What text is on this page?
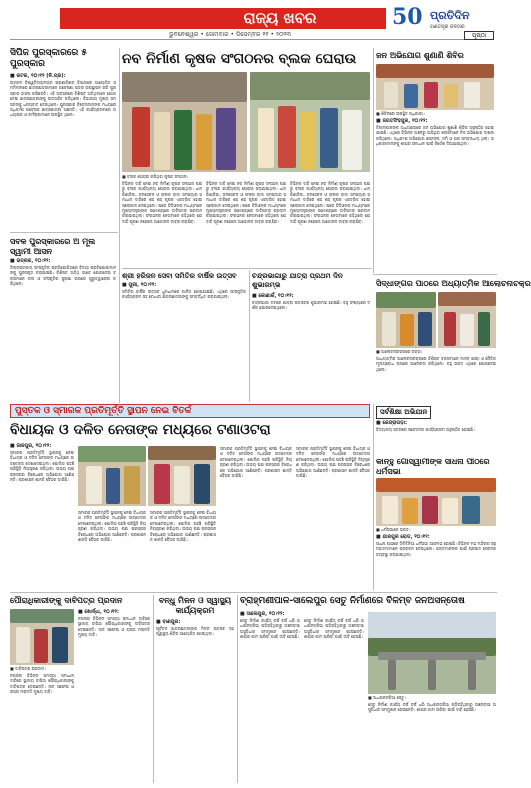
ରାଜ୍ୟ ଖବର
ଭୁବନେଶ୍ୱର • ସୋମବାର • ଡିସେମ୍ବର ୧୧ • ୨୦୨୩
50 ପ୍ରତିଦିନ
ଗଣତନ୍ତ୍ର ଜନତାର
ପୃଷ୍ଠା
ସିପିଜ ପୁରସ୍କାରରେ ୫ ପୁରସ୍କାର
■ କଟକ, ୧୦।୧୨ (ନି.ପ୍ର):
ଉତ୍କଳ ବିଶ୍ୱବିଦ୍ୟାଳୟର ପ୍ରାଣୀବିଜ୍ଞାନ ବିଭାଗରେ ଆୟୋଜିତ ସମ୍ମିଳନୀରେ ଛାତ୍ରଛାତ୍ରୀମାନେ ଗବେଷଣା ପତ୍ର ଉପସ୍ଥାପନ କରି ପୁରସ୍କାର ହାସଲ କରିଛନ୍ତି। ଏହି ଅବସରରେ ବିଶିଷ୍ଟ ଅତିଥିମାନେ ଯୋଗଦେଇ ଛାତ୍ରଛାତ୍ରୀଙ୍କୁ ଉତ୍ସାହିତ କରିଥିଲେ। ବିଭାଗୀୟ ମୁଖ୍ୟ ସମସ୍ତଙ୍କୁ ଧନ୍ୟବାଦ ଦେଇଥିଲେ। ପୁରସ୍କାର ବିଜେତାମାନଙ୍କ ମଧ୍ୟରେ ଅଧିକାଂଶ ଗବେଷକ ଛାତ୍ରଛାତ୍ରୀ ଅଛନ୍ତି। ଏହି କାର୍ଯ୍ୟକ୍ରମରେ ଅଧ୍ୟାପକ ଓ କର୍ମଚାରୀମାନେ ଉପସ୍ଥିତ ଥିଲେ।
ସବଳ ପୁରସ୍କାରରେ ଅ ମୂଲ ସ୍ୱାମୀ ଆସନ
■ ଭଦ୍ରକ, ୧୦।୧୨:
ଜିଲ୍ଲାସ୍ତରୀୟ ସାଂସ୍କୃତିକ ପ୍ରତିଯୋଗିତାରେ ବିଜୟୀ ପ୍ରତିଯୋଗୀମାନଙ୍କୁ ପୁରସ୍କୃତ କରାଯାଇଛି। ବିଶିଷ୍ଟ ଅତିଥି ଭାବେ ଯୋଗଦେଇ ବକ୍ତାମାନେ କଳା ଓ ସଂସ୍କୃତିର ସୁରକ୍ଷା ଉପରେ ଗୁରୁତ୍ୱାରୋପ କରିଥିଲେ।
ନବ ନିର୍ମାଣ କୃଷକ ସଂଗଠନର ବ୍ଲକ ଘେରାଉ
■ ବ୍ଲକ ଘେରାଉ କରିଥିବା କୃଷକ ସଂଗଠନ।
ବିଭିନ୍ନ ଦାବି ନେଇ ନବ ନିର୍ମାଣ କୃଷକ ସଂଗଠନ ପକ୍ଷରୁ ବ୍ଲକ କାର୍ଯ୍ୟାଳୟ ଘେରାଉ କରାଯାଇଥିଲା। ଧାନ କିଣାବିକା, ଜଳସେଚନ ଓ ଫସଲ ବୀମା ସମସ୍ୟାର ସମାଧାନ ଦାବିରେ ଶହ ଶହ କୃଷକ ଏକତ୍ରିତ ହୋଇ ସ୍ଲୋଗାନ ଦେଇଥିଲେ। ପରେ ବିଡିଓଙ୍କ ମାଧ୍ୟମରେ ମୁଖ୍ୟମନ୍ତ୍ରୀଙ୍କ ଉଦ୍ଦେଶ୍ୟରେ ଦାବିପତ୍ର ପ୍ରଦାନ କରାଯାଇଥିଲା। ସଂଗଠନର ନେତାମାନେ କହିଥିଲେ ଯେ ଦାବି ପୂରଣ ନହେଲେ ଆନ୍ଦୋଳନ ତୀବ୍ର କରାଯିବ।
ବିଭିନ୍ନ ଦାବି ନେଇ ନବ ନିର୍ମାଣ କୃଷକ ସଂଗଠନ ପକ୍ଷରୁ ବ୍ଲକ କାର୍ଯ୍ୟାଳୟ ଘେରାଉ କରାଯାଇଥିଲା। ଧାନ କିଣାବିକା, ଜଳସେଚନ ଓ ଫସଲ ବୀମା ସମସ୍ୟାର ସମାଧାନ ଦାବିରେ ଶହ ଶହ କୃଷକ ଏକତ୍ରିତ ହୋଇ ସ୍ଲୋଗାନ ଦେଇଥିଲେ। ପରେ ବିଡିଓଙ୍କ ମାଧ୍ୟମରେ ମୁଖ୍ୟମନ୍ତ୍ରୀଙ୍କ ଉଦ୍ଦେଶ୍ୟରେ ଦାବିପତ୍ର ପ୍ରଦାନ କରାଯାଇଥିଲା। ସଂଗଠନର ନେତାମାନେ କହିଥିଲେ ଯେ ଦାବି ପୂରଣ ନହେଲେ ଆନ୍ଦୋଳନ ତୀବ୍ର କରାଯିବ।
ବିଭିନ୍ନ ଦାବି ନେଇ ନବ ନିର୍ମାଣ କୃଷକ ସଂଗଠନ ପକ୍ଷରୁ ବ୍ଲକ କାର୍ଯ୍ୟାଳୟ ଘେରାଉ କରାଯାଇଥିଲା। ଧାନ କିଣାବିକା, ଜଳସେଚନ ଓ ଫସଲ ବୀମା ସମସ୍ୟାର ସମାଧାନ ଦାବିରେ ଶହ ଶହ କୃଷକ ଏକତ୍ରିତ ହୋଇ ସ୍ଲୋଗାନ ଦେଇଥିଲେ। ପରେ ବିଡିଓଙ୍କ ମାଧ୍ୟମରେ ମୁଖ୍ୟମନ୍ତ୍ରୀଙ୍କ ଉଦ୍ଦେଶ୍ୟରେ ଦାବିପତ୍ର ପ୍ରଦାନ କରାଯାଇଥିଲା। ସଂଗଠନର ନେତାମାନେ କହିଥିଲେ ଯେ ଦାବି ପୂରଣ ନହେଲେ ଆନ୍ଦୋଳନ ତୀବ୍ର କରାଯିବ।
ଜନ ଅଭିଯୋଗ ଶୁଣାଣି ଶିବିର
■ ଶିବିରରେ ଉପସ୍ଥିତ ଅଧିକାରୀ।
■ ଜଗତସିଂହପୁର, ୧୦।୧୨:
ଜିଲ୍ଲାପାଳଙ୍କ ଅଧ୍ୟକ୍ଷତାରେ ଜନ ଅଭିଯୋଗ ଶୁଣାଣି ଶିବିର ଅନୁଷ୍ଠିତ ହୋଇଯାଇଛି। ଏଥିରେ ବିଭିନ୍ନ ଅଞ୍ଚଳରୁ ଆସିଥିବା ଲୋକମାନେ ନିଜ ଅଭିଯୋଗ ଦାଖଲ କରିଥିଲେ। ଅଧିକାଂଶ ଅଭିଯୋଗ ପେନସନ, ଜମି ଓ ଘର ସମ୍ବନ୍ଧୀୟ ଥିଲା। ଅଧିକାରୀମାନଙ୍କୁ ଶୀଘ୍ର ସମାଧାନ ପାଇଁ ନିର୍ଦ୍ଦେଶ ଦିଆଯାଇଥିଲା।
ଶ୍ରୀ ହରିଜନ ସେବା ସମିତିର ବାର୍ଷିକ ଉତ୍ସବ
■ ପୁରୀ, ୧୦।୧୨:
ସମିତିର ବାର୍ଷିକ ଉତ୍ସବ ଧୁମଧାମରେ ପାଳିତ ହୋଇଯାଇଛି। ଏଥିରେ ସାଂସ୍କୃତିକ କାର୍ଯ୍ୟକ୍ରମ ସହ ମେଧାବୀ ଛାତ୍ରଛାତ୍ରୀଙ୍କୁ ସମ୍ବର୍ଦ୍ଧିତ କରାଯାଇଥିଲା।
ଚନ୍ଦ୍ରଭାଗାରୁ ଯାତ୍ରା ପ୍ରଥମ ଦିନ ଶୁଭାରମ୍ଭ
■ କୋଣାର୍କ, ୧୦।୧୨:
ଚନ୍ଦ୍ରଭାଗା ତଟରେ ଯାତ୍ରା ଉତ୍ସବର ଶୁଭାରମ୍ଭ ହୋଇଛି। ବହୁ ସଂଖ୍ୟାରେ ଦର୍ଶକ ଯୋଗଦେଇଥିଲେ।
ସିଦ୍ଧାଙ୍ଗର ପାଠରେ ଅଧ୍ୟାତ୍ମିକ ଆଲୋଚନାଚକ୍ର
■ ଆଲୋଚନାଚକ୍ରରେ ବକ୍ତା।
ଆଧ୍ୟାତ୍ମିକ ଆଲୋଚନାଚକ୍ରରେ ବିଶିଷ୍ଟ ବକ୍ତାମାନେ ମାନବ ସେବା ଓ ନୈତିକ ମୂଲ୍ୟବୋଧ ଉପରେ ଆଲୋଚନା କରିଥିଲେ। ବହୁ ଭକ୍ତ ଏଥିରେ ଯୋଗଦେଇଥିଲେ।
ପୁସ୍ତକ ଓ ସ୍ମାରକ ପ୍ରତିମୂର୍ତ୍ତି ସ୍ଥାପନ ନେଇ ବିତର୍କ
ବିଧାୟକ ଓ ଦଳିତ ନେତାଙ୍କ ମଧ୍ୟରେ ଟଣାଓଟରା
■ ଜାଜପୁର, ୧୦।୧୨:
ସ୍ମାରକ ପ୍ରତିମୂର୍ତ୍ତି ସ୍ଥାପନକୁ ନେଇ ବିଧାୟକ ଓ ଦଳିତ ନେତାଙ୍କ ମଧ୍ୟରେ ଉତ୍ତେଜନା ଦେଖାଦେଇଥିଲା। ପୋଲିସ ପହଞ୍ଚି ପରିସ୍ଥିତି ନିୟନ୍ତ୍ରଣ କରିଥିଲା। ଉଭୟ ପକ୍ଷ ପରସ୍ପର ବିରୋଧରେ ଅଭିଯୋଗ ଆଣିଛନ୍ତି। ପ୍ରଶାସନ ଶାନ୍ତି ବୈଠକ ଡାକିଛି।
ସ୍ମାରକ ପ୍ରତିମୂର୍ତ୍ତି ସ୍ଥାପନକୁ ନେଇ ବିଧାୟକ ଓ ଦଳିତ ନେତାଙ୍କ ମଧ୍ୟରେ ଉତ୍ତେଜନା ଦେଖାଦେଇଥିଲା। ପୋଲିସ ପହଞ୍ଚି ପରିସ୍ଥିତି ନିୟନ୍ତ୍ରଣ କରିଥିଲା। ଉଭୟ ପକ୍ଷ ପରସ୍ପର ବିରୋଧରେ ଅଭିଯୋଗ ଆଣିଛନ୍ତି। ପ୍ରଶାସନ ଶାନ୍ତି ବୈଠକ ଡାକିଛି।
ସ୍ମାରକ ପ୍ରତିମୂର୍ତ୍ତି ସ୍ଥାପନକୁ ନେଇ ବିଧାୟକ ଓ ଦଳିତ ନେତାଙ୍କ ମଧ୍ୟରେ ଉତ୍ତେଜନା ଦେଖାଦେଇଥିଲା। ପୋଲିସ ପହଞ୍ଚି ପରିସ୍ଥିତି ନିୟନ୍ତ୍ରଣ କରିଥିଲା। ଉଭୟ ପକ୍ଷ ପରସ୍ପର ବିରୋଧରେ ଅଭିଯୋଗ ଆଣିଛନ୍ତି। ପ୍ରଶାସନ ଶାନ୍ତି ବୈଠକ ଡାକିଛି।
ସ୍ମାରକ ପ୍ରତିମୂର୍ତ୍ତି ସ୍ଥାପନକୁ ନେଇ ବିଧାୟକ ଓ ଦଳିତ ନେତାଙ୍କ ମଧ୍ୟରେ ଉତ୍ତେଜନା ଦେଖାଦେଇଥିଲା। ପୋଲିସ ପହଞ୍ଚି ପରିସ୍ଥିତି ନିୟନ୍ତ୍ରଣ କରିଥିଲା। ଉଭୟ ପକ୍ଷ ପରସ୍ପର ବିରୋଧରେ ଅଭିଯୋଗ ଆଣିଛନ୍ତି। ପ୍ରଶାସନ ଶାନ୍ତି ବୈଠକ ଡାକିଛି।
ସ୍ମାରକ ପ୍ରତିମୂର୍ତ୍ତି ସ୍ଥାପନକୁ ନେଇ ବିଧାୟକ ଓ ଦଳିତ ନେତାଙ୍କ ମଧ୍ୟରେ ଉତ୍ତେଜନା ଦେଖାଦେଇଥିଲା। ପୋଲିସ ପହଞ୍ଚି ପରିସ୍ଥିତି ନିୟନ୍ତ୍ରଣ କରିଥିଲା। ଉଭୟ ପକ୍ଷ ପରସ୍ପର ବିରୋଧରେ ଅଭିଯୋଗ ଆଣିଛନ୍ତି। ପ୍ରଶାସନ ଶାନ୍ତି ବୈଠକ ଡାକିଛି।
ସର୍ବଶିକ୍ଷା ଅଭିଯାନ
■ କେନ୍ଦ୍ରାପଡ଼ା:
ବିଦ୍ୟାଳୟ ସ୍ତରରେ ସଚେତନତା କାର୍ଯ୍ୟକ୍ରମ ଅନୁଷ୍ଠିତ ହୋଇଛି।
କାନ୍ହୁ ଗୋସ୍ୱାମୀଙ୍କ ସାଧନା ପୀଠରେ ଧର୍ମସଭା
■ ଧର୍ମସଭାରେ ଭକ୍ତ।
■ ଯାଜପୁର ରୋଡ, ୧୦।୧୨:
ସାଧନା ପୀଠରେ ତିନିଦିନିଆ ଧର୍ମସଭା ଆରମ୍ଭ ହୋଇଛି। ବିଭିନ୍ନ ମଠ ମନ୍ଦିରର ସନ୍ଥ ମହାତ୍ମାମାନେ ପ୍ରବଚନ ଦେଇଥିଲେ। ଭକ୍ତମାନଙ୍କ ପାଇଁ ପ୍ରସାଦ ସେବନର ବ୍ୟବସ୍ଥା କରାଯାଇଥିଲା।
ପୌରାଧିକାରୀଙ୍କୁ ଦାବିପତ୍ର ପ୍ରଦାନ
■ ଦାବିପତ୍ର ପ୍ରଦାନ।
■ ଖୋର୍ଦ୍ଧା, ୧୦।୧୨:
ନଗରର ବିଭିନ୍ନ ସମସ୍ୟା ସମାଧାନ ଦାବିରେ ସ୍ଥାନୀୟ ବାସିନ୍ଦା ପୌରାଧିକାରୀଙ୍କୁ ଦାବିପତ୍ର ଦେଇଛନ୍ତି। ନାଳ ସଫେଇ ଓ ରାସ୍ତା ମରାମତି ମୁଖ୍ୟ ଦାବି।
ନଗରର ବିଭିନ୍ନ ସମସ୍ୟା ସମାଧାନ ଦାବିରେ ସ୍ଥାନୀୟ ବାସିନ୍ଦା ପୌରାଧିକାରୀଙ୍କୁ ଦାବିପତ୍ର ଦେଇଛନ୍ତି। ନାଳ ସଫେଇ ଓ ରାସ୍ତା ମରାମତି ମୁଖ୍ୟ ଦାବି।
ବନ୍ଧୁ ମିଳନ ଓ ସ୍ୱାସ୍ଥ୍ୟ କାର୍ଯ୍ୟକ୍ରମ
■ ବାଣପୁର:
ପୂର୍ବତନ ଛାତ୍ରଛାତ୍ରୀଙ୍କ ମିଳନ ଉତ୍ସବ ସହ ସ୍ୱାସ୍ଥ୍ୟ ଶିବିର ଆୟୋଜିତ ହୋଇଥିଲା।
ବ୍ରାହ୍ମଣୀପାଳ-ସାଲେପୁର ସେତୁ ନିର୍ମାଣରେ ବିଳମ୍ବ ଜନଅସନ୍ତୋଷ
■ ସାଲେପୁର, ୧୦।୧୨:
ସେତୁ ନିର୍ମାଣ କାର୍ଯ୍ୟ ବର୍ଷ ବର୍ଷ ଧରି ଅଧାପନ୍ତରିଆ ପଡ଼ିରହିଥିବାରୁ ଅଞ୍ଚଳବାସୀ ଅସୁବିଧାର ସମ୍ମୁଖୀନ ହେଉଛନ୍ତି। ଶୀଘ୍ର କାମ ସାରିବା ପାଇଁ ଦାବି ହେଉଛି।
ସେତୁ ନିର୍ମାଣ କାର୍ଯ୍ୟ ବର୍ଷ ବର୍ଷ ଧରି ଅଧାପନ୍ତରିଆ ପଡ଼ିରହିଥିବାରୁ ଅଞ୍ଚଳବାସୀ ଅସୁବିଧାର ସମ୍ମୁଖୀନ ହେଉଛନ୍ତି। ଶୀଘ୍ର କାମ ସାରିବା ପାଇଁ ଦାବି ହେଉଛି।
■ ଅଧାପନ୍ତରିଆ ସେତୁ।
ସେତୁ ନିର୍ମାଣ କାର୍ଯ୍ୟ ବର୍ଷ ବର୍ଷ ଧରି ଅଧାପନ୍ତରିଆ ପଡ଼ିରହିଥିବାରୁ ଅଞ୍ଚଳବାସୀ ଅସୁବିଧାର ସମ୍ମୁଖୀନ ହେଉଛନ୍ତି। ଶୀଘ୍ର କାମ ସାରିବା ପାଇଁ ଦାବି ହେଉଛି।
